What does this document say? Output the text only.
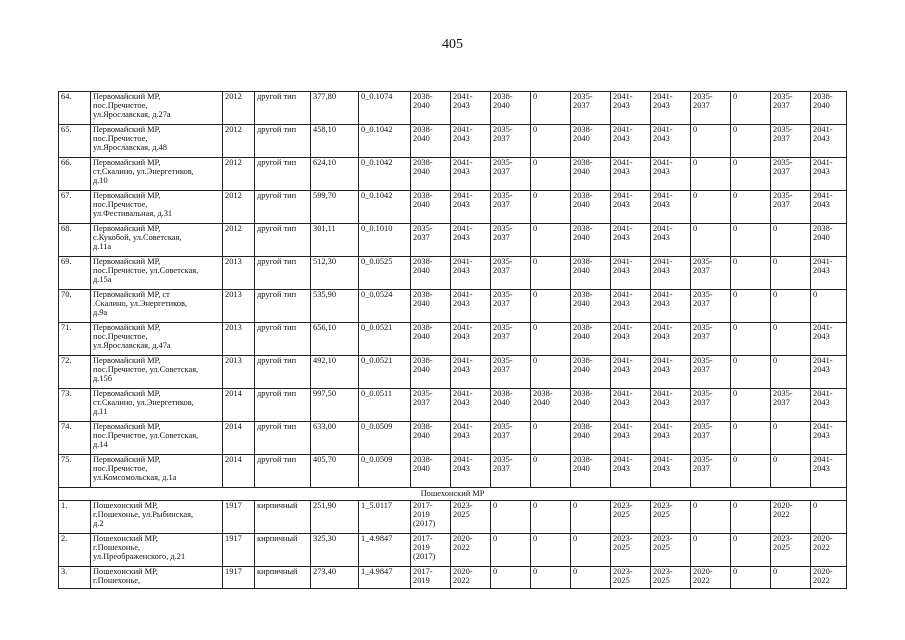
405
64.	Первомайский МР,
пос.Пречистое,
ул.Ярославская, д.27а	2012	другой тип	377,80	0_0.1074	2038-
2040	2041-
2043	2038-
2040	0	2035-
2037	2041-
2043	2041-
2043	2035-
2037	0	2035-
2037	2038-
2040
65.	Первомайский МР,
пос.Пречистое,
ул.Ярославская, д.48	2012	другой тип	458,10	0_0.1042	2038-
2040	2041-
2043	2035-
2037	0	2038-
2040	2041-
2043	2041-
2043	0	0	2035-
2037	2041-
2043
66.	Первомайский МР,
ст.Скалино, ул.Энергетиков,
д.10	2012	другой тип	624,10	0_0.1042	2038-
2040	2041-
2043	2035-
2037	0	2038-
2040	2041-
2043	2041-
2043	0	0	2035-
2037	2041-
2043
67.	Первомайский МР,
пос.Пречистое,
ул.Фестивальная, д.31	2012	другой тип	599,70	0_0.1042	2038-
2040	2041-
2043	2035-
2037	0	2038-
2040	2041-
2043	2041-
2043	0	0	2035-
2037	2041-
2043
68.	Первомайский МР,
с.Кукобой, ул.Советская,
д.11а	2012	другой тип	301,11	0_0.1010	2035-
2037	2041-
2043	2035-
2037	0	2038-
2040	2041-
2043	2041-
2043	0	0	0	2038-
2040
69.	Первомайский МР,
пос.Пречистое, ул.Советская,
д.15а	2013	другой тип	512,30	0_0.0525	2038-
2040	2041-
2043	2035-
2037	0	2038-
2040	2041-
2043	2041-
2043	2035-
2037	0	0	2041-
2043
70.	Первомайский МР, ст
.Скалино, ул.Энергетиков,
д.9а	2013	другой тип	535,90	0_0.0524	2038-
2040	2041-
2043	2035-
2037	0	2038-
2040	2041-
2043	2041-
2043	2035-
2037	0	0	0
71.	Первомайский МР,
пос.Пречистое,
ул.Ярославская, д.47а	2013	другой тип	656,10	0_0.0521	2038-
2040	2041-
2043	2035-
2037	0	2038-
2040	2041-
2043	2041-
2043	2035-
2037	0	0	2041-
2043
72.	Первомайский МР,
пос.Пречистое, ул.Советская,
д.15б	2013	другой тип	492,10	0_0.0521	2038-
2040	2041-
2043	2035-
2037	0	2038-
2040	2041-
2043	2041-
2043	2035-
2037	0	0	2041-
2043
73.	Первомайский МР,
ст.Скалино, ул.Энергетиков,
д.11	2014	другой тип	997,50	0_0.0511	2035-
2037	2041-
2043	2038-
2040	2038-
2040	2038-
2040	2041-
2043	2041-
2043	2035-
2037	0	2035-
2037	2041-
2043
74.	Первомайский МР,
пос.Пречистое, ул.Советская,
д.14	2014	другой тип	633,00	0_0.0509	2038-
2040	2041-
2043	2035-
2037	0	2038-
2040	2041-
2043	2041-
2043	2035-
2037	0	0	2041-
2043
75.	Первомайский МР,
пос.Пречистое,
ул.Комсомольская, д.1а	2014	другой тип	405,70	0_0.0509	2038-
2040	2041-
2043	2035-
2037	0	2038-
2040	2041-
2043	2041-
2043	2035-
2037	0	0	2041-
2043
Пошехонский МР																
1.	Пошехонский МР,
г.Пошехонье, ул.Рыбинская,
д.2	1917	кирпичный	251,90	1_5.0117	2017-
2019
(2017)	2023-
2025	0	0	0	2023-
2025	2023-
2025	0	0	2020-
2022	0
2.	Пошехонский МР,
г.Пошехонье,
ул.Преображенского, д.21	1917	кирпичный	325,30	1_4.9847	2017-
2019
(2017)	2020-
2022	0	0	0	2023-
2025	2023-
2025	0	0	2023-
2025	2020-
2022
3.	Пошехонский МР,
г.Пошехонье,	1917	кирпичный	273,40	1_4.9847	2017-
2019	2020-
2022	0	0	0	2023-
2025	2023-
2025	2020-
2022	0	0	2020-
2022
